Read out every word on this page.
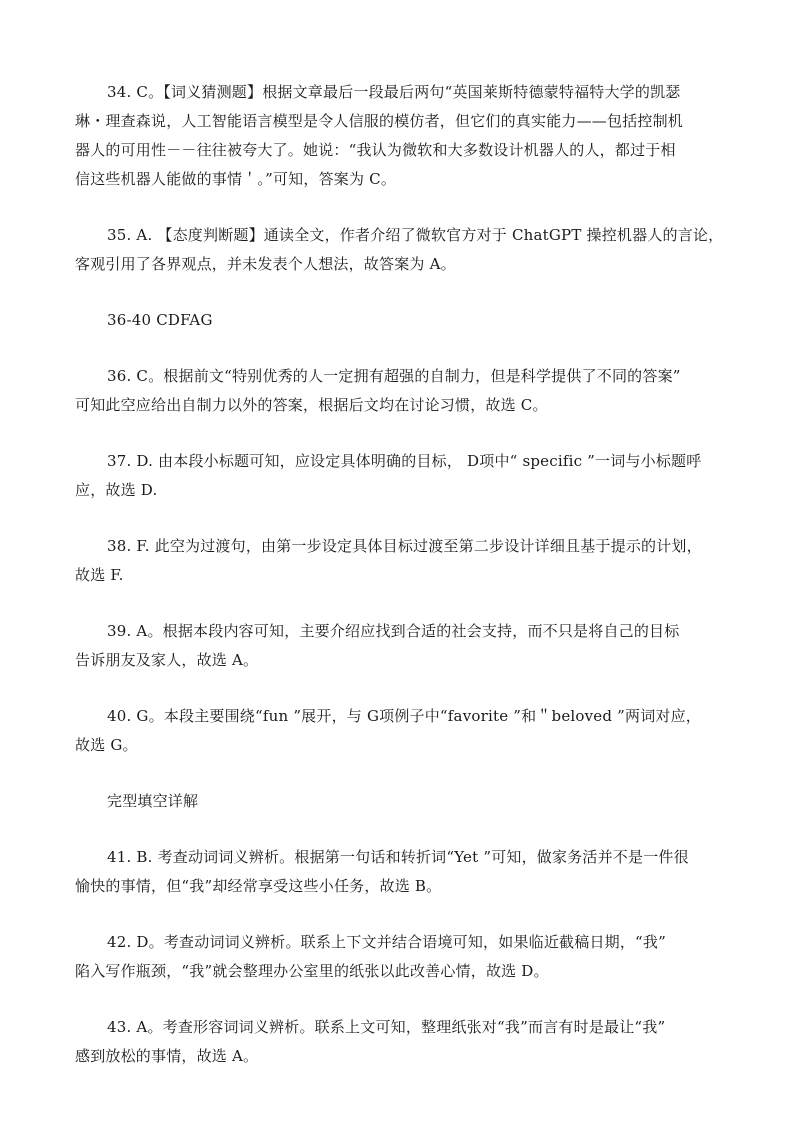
34. C。【词义猜测题】根据文章最后一段最后两句“英国莱斯特德蒙特福特大学的凯瑟
琳・理查森说，人工智能语言模型是令人信服的模仿者，但它们的真实能力——包括控制机
器人的可用性－－往往被夸大了。她说：“我认为微软和大多数设计机器人的人，都过于相
信这些机器人能做的事情＇。”可知，答案为 C。

35. A. 【态度判断题】通读全文，作者介绍了微软官方对于 ChatGPT 操控机器人的言论，
客观引用了各界观点，并未发表个人想法，故答案为 A。

36-40 CDFAG

36. C。根据前文“特别优秀的人一定拥有超强的自制力，但是科学提供了不同的答案”
可知此空应给出自制力以外的答案，根据后文均在讨论习惯，故选 C。

37. D. 由本段小标题可知，应设定具体明确的目标， D项中“ specific ”一词与小标题呼
应，故选 D.

38. F. 此空为过渡句，由第一步设定具体目标过渡至第二步设计详细且基于提示的计划，
故选 F.

39. A。根据本段内容可知，主要介绍应找到合适的社会支持，而不只是将自己的目标
告诉朋友及家人，故选 A。

40. G。本段主要围绕“fun ”展开，与 G项例子中“favorite ”和＂beloved ”两词对应，
故选 G。

完型填空详解

41. B. 考查动词词义辨析。根据第一句话和转折词“Yet ”可知，做家务活并不是一件很
愉快的事情，但“我”却经常享受这些小任务，故选 B。

42. D。考查动词词义辨析。联系上下文并结合语境可知，如果临近截稿日期，“我”
陷入写作瓶颈，“我”就会整理办公室里的纸张以此改善心情，故选 D。

43. A。考查形容词词义辨析。联系上文可知，整理纸张对“我”而言有时是最让“我”
感到放松的事情，故选 A。
